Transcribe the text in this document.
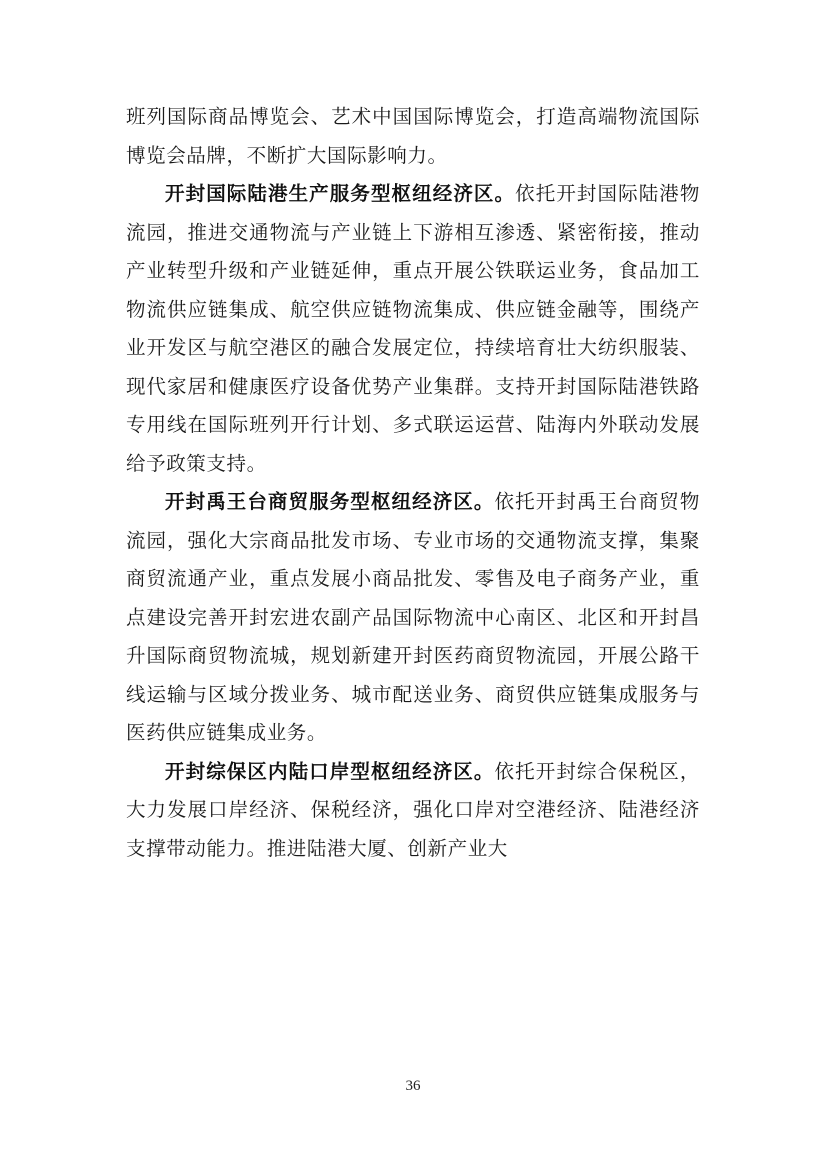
班列国际商品博览会、艺术中国国际博览会，打造高端物流国际博览会品牌，不断扩大国际影响力。

开封国际陆港生产服务型枢纽经济区。依托开封国际陆港物流园，推进交通物流与产业链上下游相互渗透、紧密衔接，推动产业转型升级和产业链延伸，重点开展公铁联运业务，食品加工物流供应链集成、航空供应链物流集成、供应链金融等，围绕产业开发区与航空港区的融合发展定位，持续培育壮大纺织服装、现代家居和健康医疗设备优势产业集群。支持开封国际陆港铁路专用线在国际班列开行计划、多式联运运营、陆海内外联动发展给予政策支持。

开封禹王台商贸服务型枢纽经济区。依托开封禹王台商贸物流园，强化大宗商品批发市场、专业市场的交通物流支撑，集聚商贸流通产业，重点发展小商品批发、零售及电子商务产业，重点建设完善开封宏进农副产品国际物流中心南区、北区和开封昌升国际商贸物流城，规划新建开封医药商贸物流园，开展公路干线运输与区域分拨业务、城市配送业务、商贸供应链集成服务与医药供应链集成业务。

开封综保区内陆口岸型枢纽经济区。依托开封综合保税区，大力发展口岸经济、保税经济，强化口岸对空港经济、陆港经济支撑带动能力。推进陆港大厦、创新产业大

36
